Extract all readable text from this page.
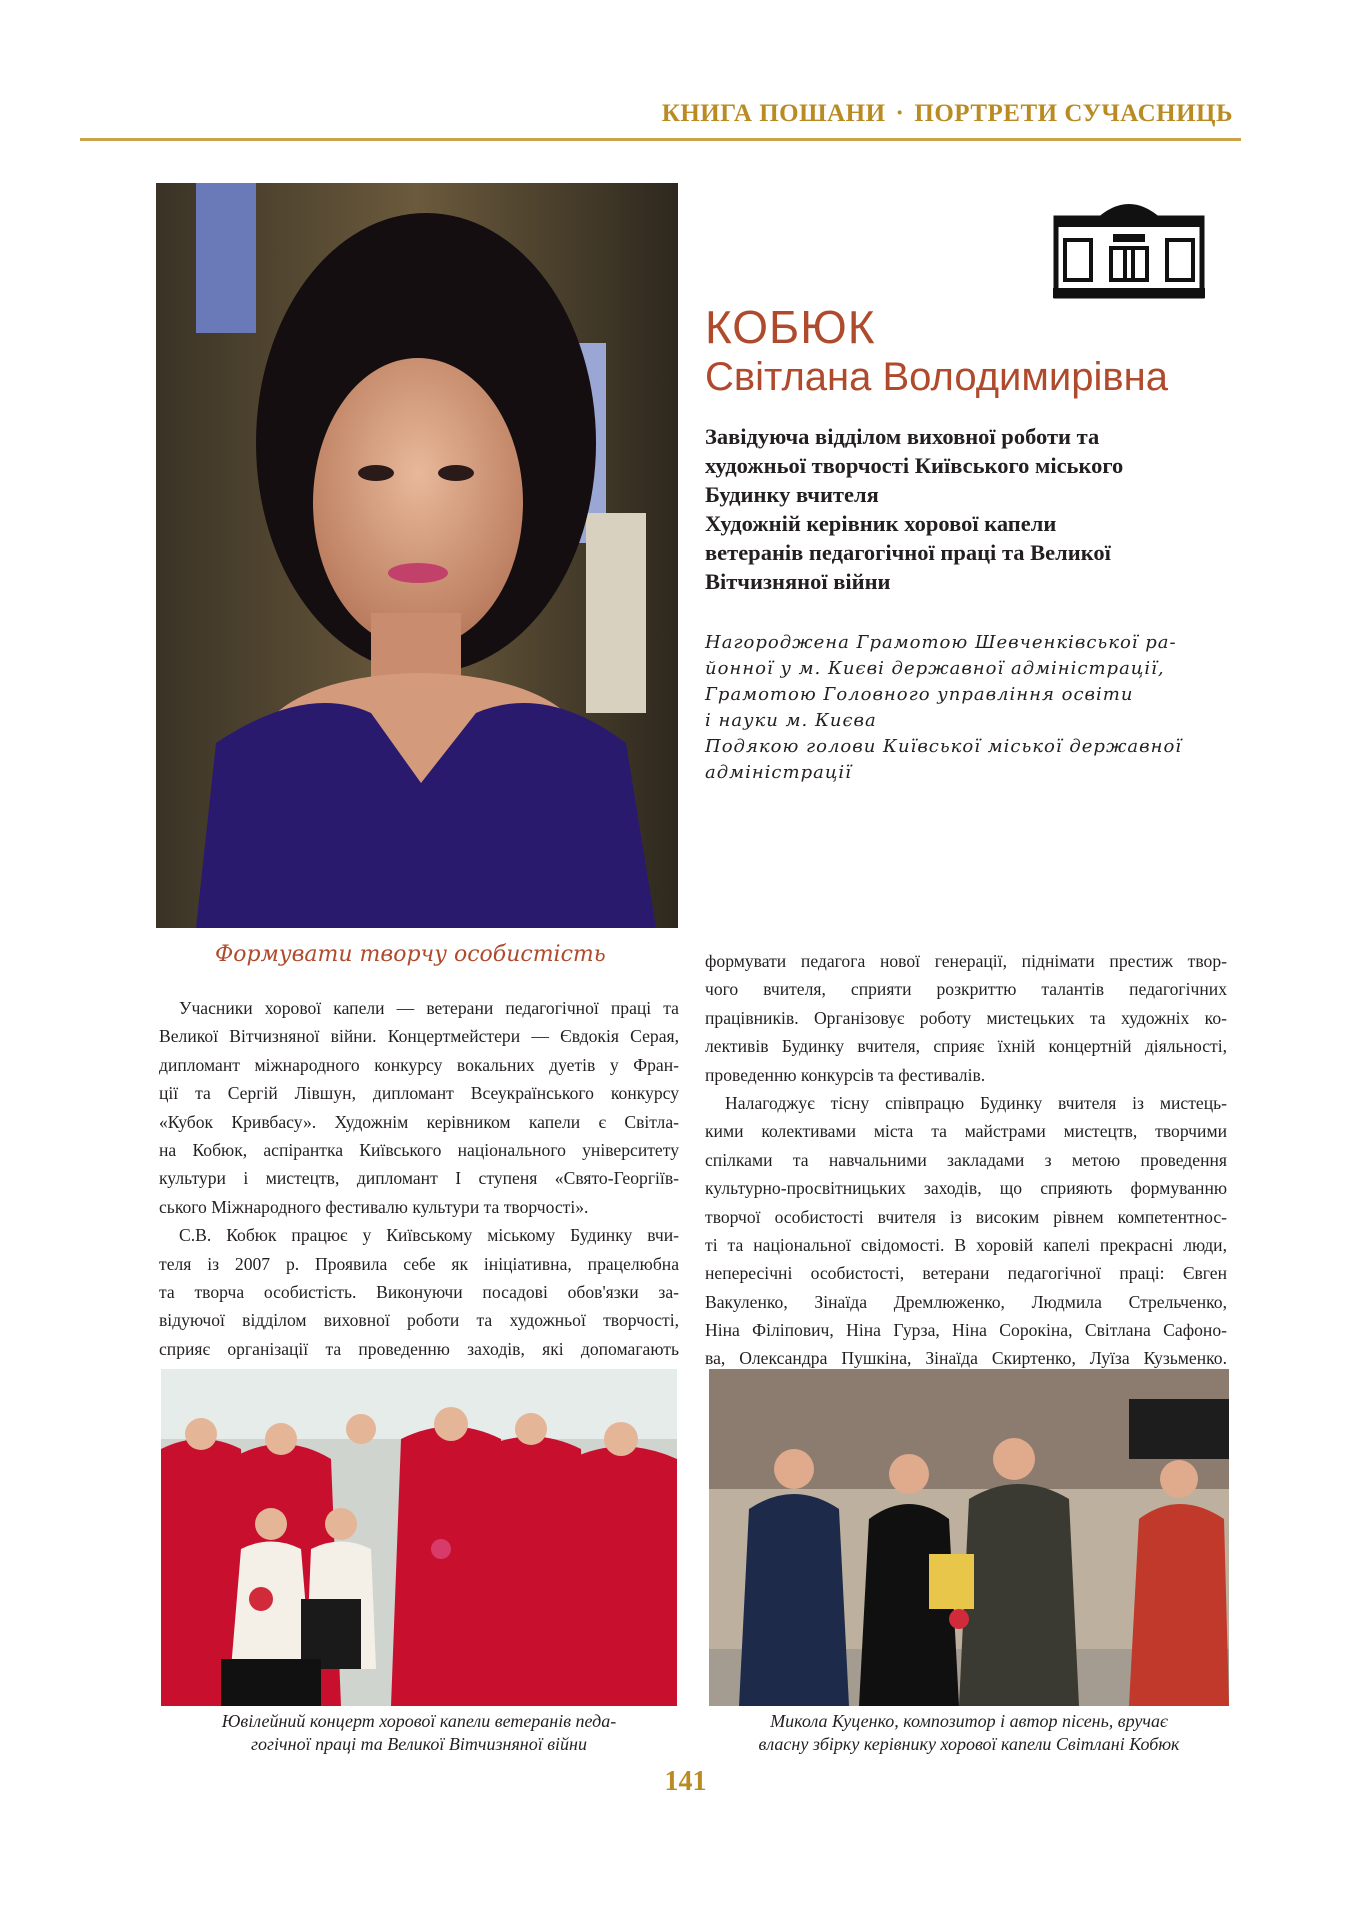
КНИГА ПОШАНИ · ПОРТРЕТИ СУЧАСНИЦЬ
КОБЮК
Світлана Володимирівна
Завідуюча відділом виховної роботи та
художньої творчості Київського міського
Будинку вчителя
Художній керівник хорової капели
ветеранів педагогічної праці та Великої
Вітчизняної війни
Нагороджена Грамотою Шевченківської ра-
йонної у м. Києві державної адміністрації,
Грамотою Головного управління освіти
і науки м. Києва
Подякою голови Київської міської державної
адміністрації
Формувати творчу особистість
Учасники хорової капели — ветерани педагогічної праці та
Великої Вітчизняної війни. Концертмейстери — Євдокія Серая,
дипломант міжнародного конкурсу вокальних дуетів у Фран-
ції та Сергій Лівшун, дипломант Всеукраїнського конкурсу
«Кубок Кривбасу». Художнім керівником капели є Світла-
на Кобюк, аспірантка Київського національного університету
культури і мистецтв, дипломант І ступеня «Свято-Георгіїв-
ського Міжнародного фестивалю культури та творчості».
С.В. Кобюк працює у Київському міському Будинку вчи-
теля із 2007 р. Проявила себе як ініціативна, працелюбна
та творча особистість. Виконуючи посадові обов'язки за-
відуючої відділом виховної роботи та художньої творчості,
сприяє організації та проведенню заходів, які допомагають
формувати педагога нової генерації, піднімати престиж твор-
чого вчителя, сприяти розкриттю талантів педагогічних
працівників. Організовує роботу мистецьких та художніх ко-
лективів Будинку вчителя, сприяє їхній концертній діяльності,
проведенню конкурсів та фестивалів.
Налагоджує тісну співпрацю Будинку вчителя із мистець-
кими колективами міста та майстрами мистецтв, творчими
спілками та навчальними закладами з метою проведення
культурно-просвітницьких заходів, що сприяють формуванню
творчої особистості вчителя із високим рівнем компетентнос-
ті та національної свідомості. В хоровій капелі прекрасні люди,
непересічні особистості, ветерани педагогічної праці: Євген
Вакуленко, Зінаїда Дремлюженко, Людмила Стрельченко,
Ніна Філіпович, Ніна Гурза, Ніна Сорокіна, Світлана Сафоно-
ва, Олександра Пушкіна, Зінаїда Скиртенко, Луїза Кузьменко.
Ювілейний концерт хорової капели ветеранів педа-
гогічної праці та Великої Вітчизняної війни
Микола Куценко, композитор і автор пісень, вручає
власну збірку керівнику хорової капели Світлані Кобюк
141
